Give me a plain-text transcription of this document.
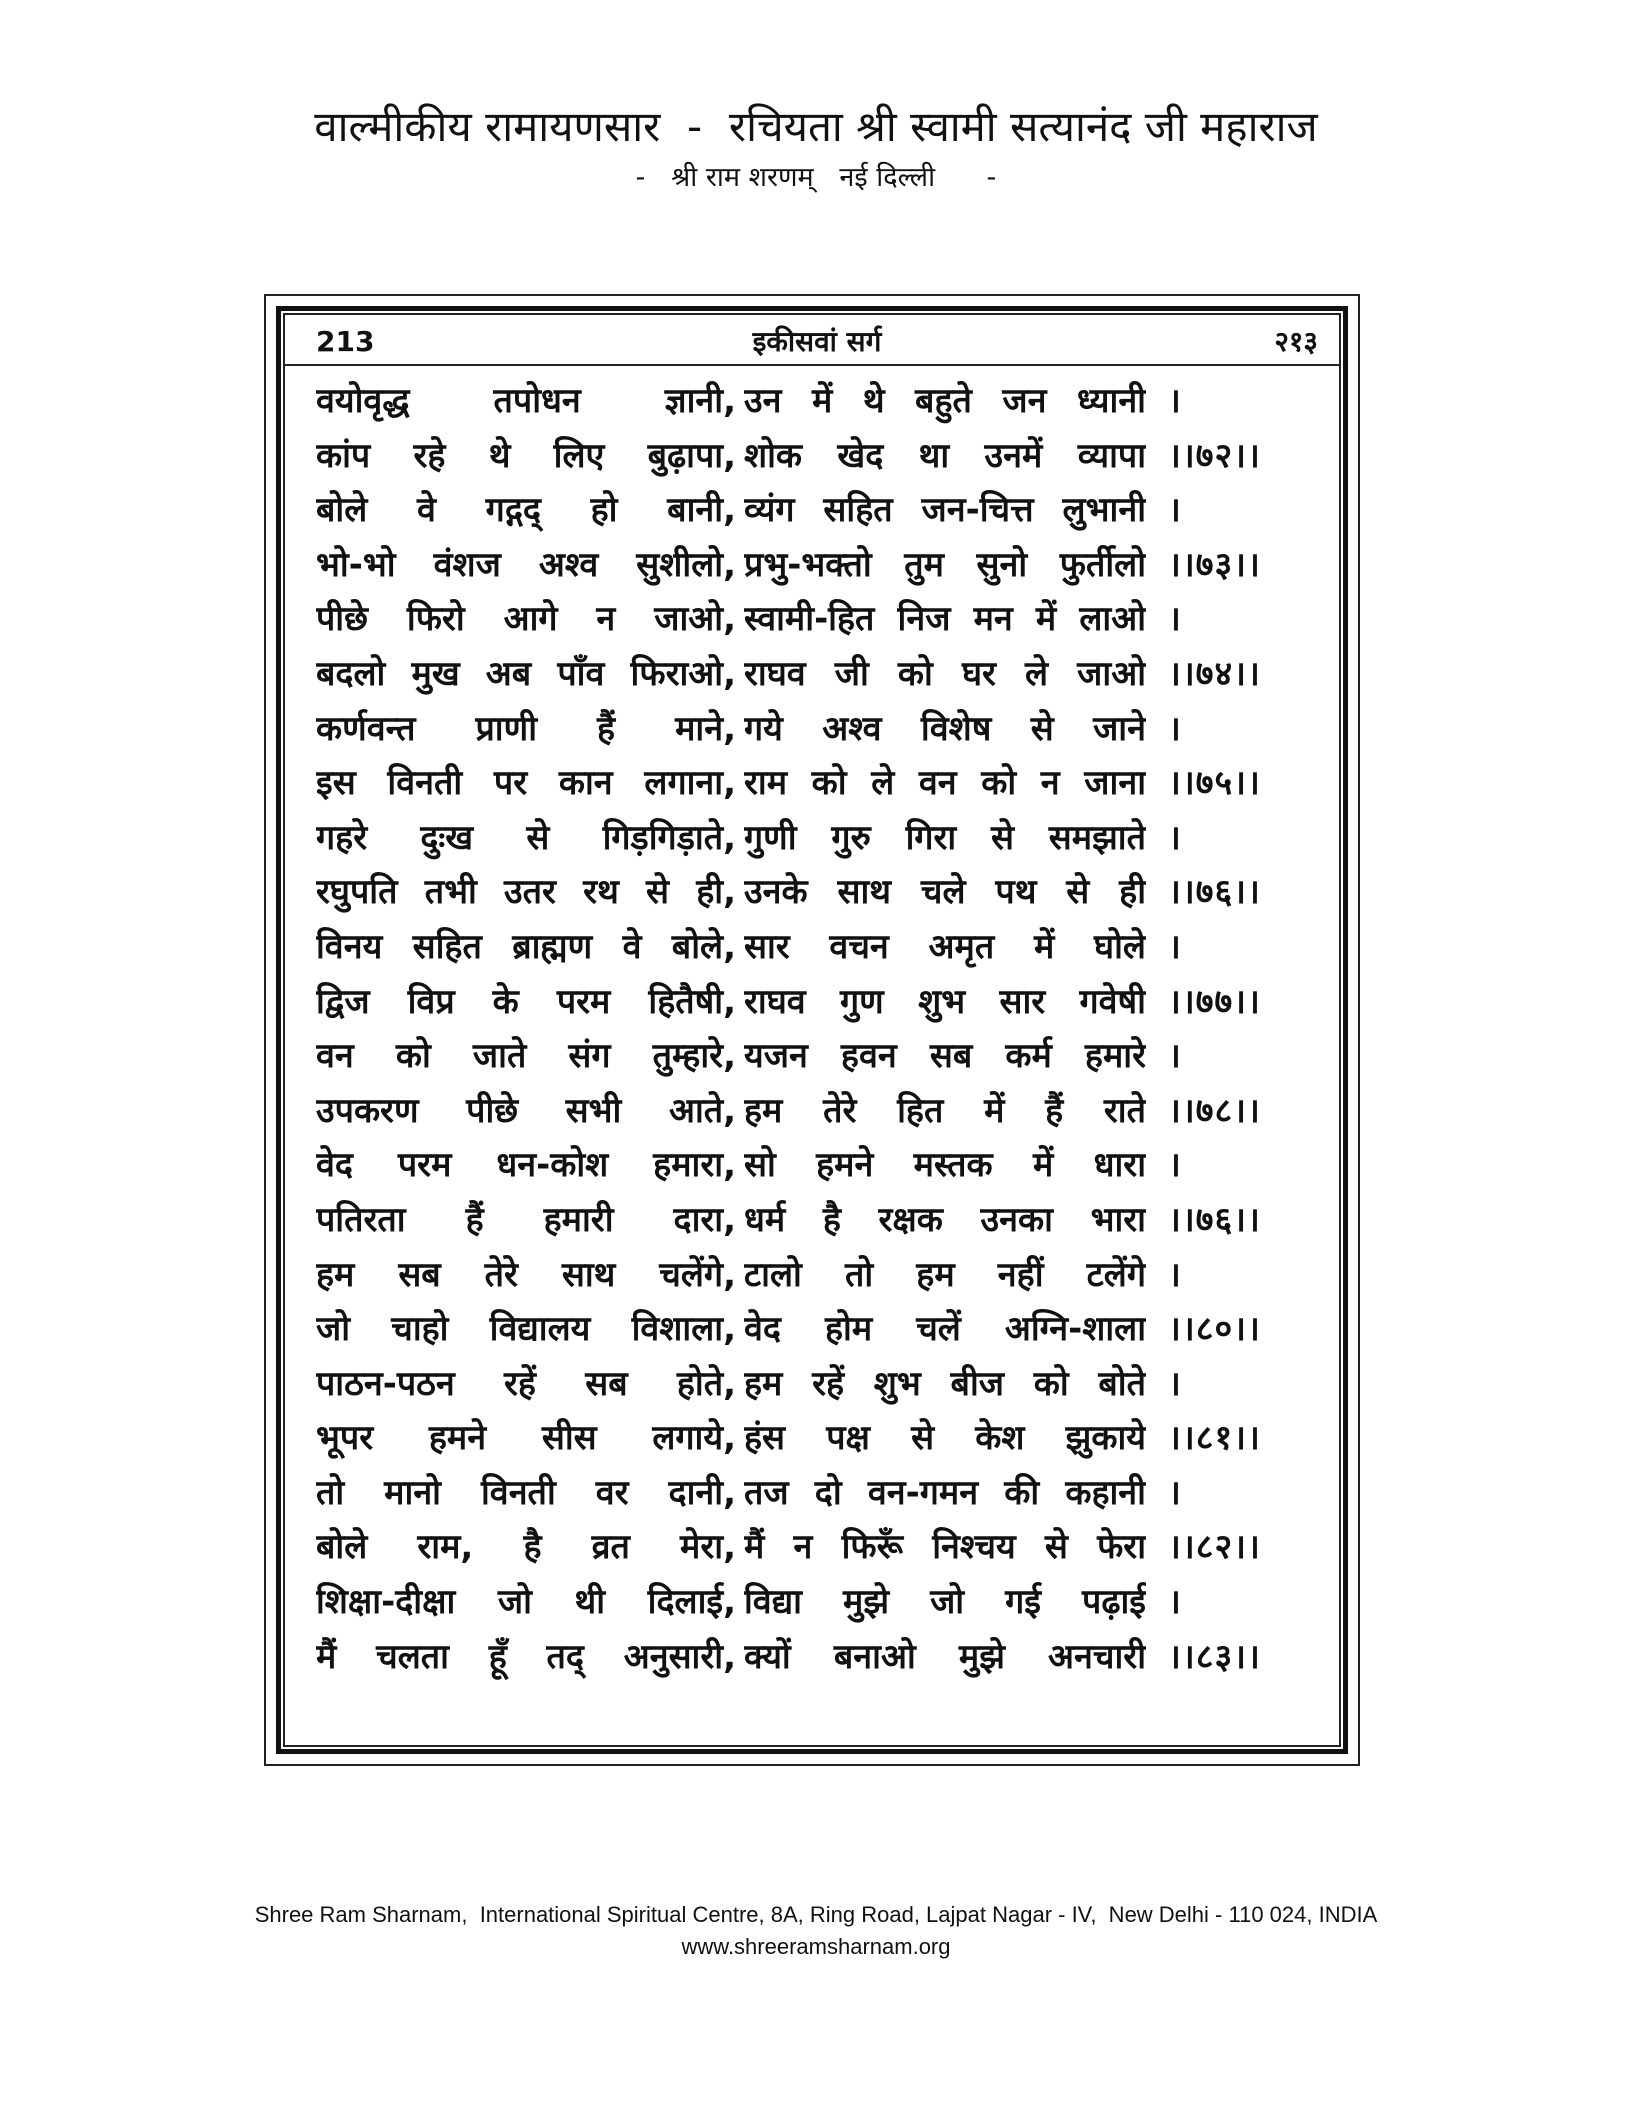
वाल्मीकीय रामायणसार  -  रचियता श्री स्वामी सत्यानंद जी महाराज
-   श्री राम शरणम्   नई दिल्ली      -
इकीसवां सर्ग
213	२१३
वयोवृद्ध तपोधन ज्ञानी, उन में थे बहुते जन ध्यानी ।
कांप रहे थे लिए बुढ़ापा, शोक खेद था उनमें व्यापा ।।७२।।
बोले वे गद्गद् हो बानी, व्यंग सहित जन-चित्त लुभानी ।
भो-भो वंशज अश्व सुशीलो, प्रभु-भक्तो तुम सुनो फुर्तीलो ।।७३।।
पीछे फिरो आगे न जाओ, स्वामी-हित निज मन में लाओ ।
बदलो मुख अब पाँव फिराओ, राघव जी को घर ले जाओ ।।७४।।
कर्णवन्त प्राणी हैं माने, गये अश्व विशेष से जाने ।
इस विनती पर कान लगाना, राम को ले वन को न जाना ।।७५।।
गहरे दुःख से गिड़गिड़ाते, गुणी गुरु गिरा से समझाते ।
रघुपति तभी उतर रथ से ही, उनके साथ चले पथ से ही ।।७६।।
विनय सहित ब्राह्मण वे बोले, सार वचन अमृत में घोले ।
द्विज विप्र के परम हितैषी, राघव गुण शुभ सार गवेषी ।।७७।।
वन को जाते संग तुम्हारे, यजन हवन सब कर्म हमारे ।
उपकरण पीछे सभी आते, हम तेरे हित में हैं राते ।।७८।।
वेद परम धन-कोश हमारा, सो हमने मस्तक में धारा ।
पतिरता हैं हमारी दारा, धर्म है रक्षक उनका भारा ।।७६।।
हम सब तेरे साथ चलेंगे, टालो तो हम नहीं टलेंगे ।
जो चाहो विद्यालय विशाला, वेद होम चलें अग्नि-शाला ।।८०।।
पाठन-पठन रहें सब होते, हम रहें शुभ बीज को बोते ।
भूपर हमने सीस लगाये, हंस पक्ष से केश झुकाये ।।८१।।
तो मानो विनती वर दानी, तज दो वन-गमन की कहानी ।
बोले राम, है व्रत मेरा, मैं न फिरूँ निश्चय से फेरा ।।८२।।
शिक्षा-दीक्षा जो थी दिलाई, विद्या मुझे जो गई पढ़ाई ।
मैं चलता हूँ तद् अनुसारी, क्यों बनाओ मुझे अनचारी ।।८३।।
Shree Ram Sharnam,  International Spiritual Centre, 8A, Ring Road, Lajpat Nagar - IV,  New Delhi - 110 024, INDIA
www.shreeramsharnam.org
